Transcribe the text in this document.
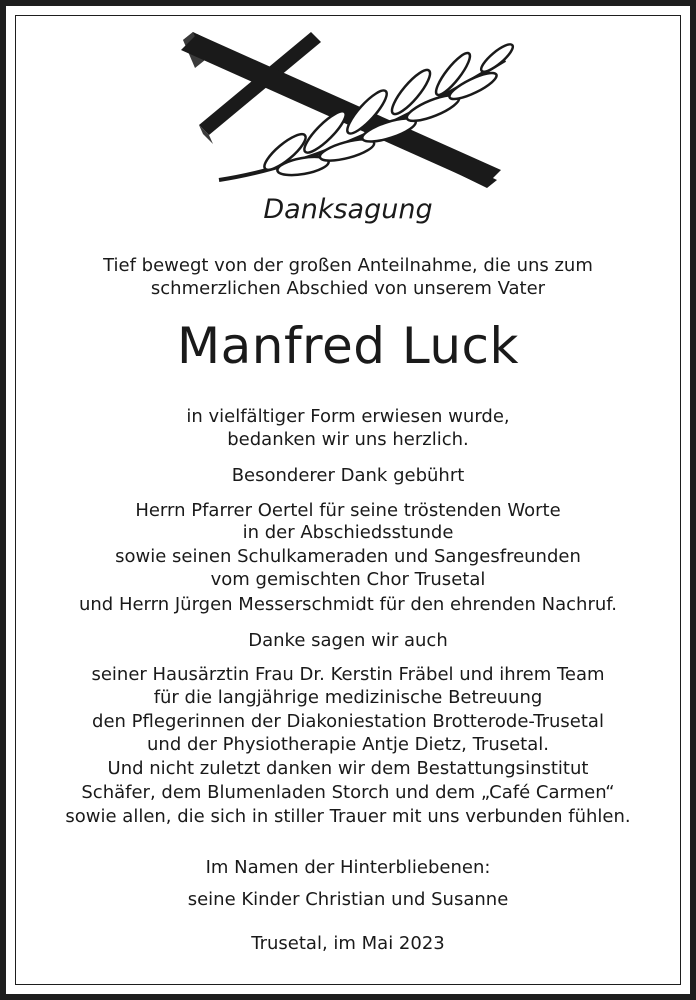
Danksagung
Tief bewegt von der großen Anteilnahme, die uns zum
schmerzlichen Abschied von unserem Vater
Manfred Luck
in vielfältiger Form erwiesen wurde,
bedanken wir uns herzlich.
Besonderer Dank gebührt
Herrn Pfarrer Oertel für seine tröstenden Worte
in der Abschiedsstunde
sowie seinen Schulkameraden und Sangesfreunden
vom gemischten Chor Trusetal
und Herrn Jürgen Messerschmidt für den ehrenden Nachruf.
Danke sagen wir auch
seiner Hausärztin Frau Dr. Kerstin Fräbel und ihrem Team
für die langjährige medizinische Betreuung
den Pflegerinnen der Diakoniestation Brotterode-Trusetal
und der Physiotherapie Antje Dietz, Trusetal.
Und nicht zuletzt danken wir dem Bestattungsinstitut
Schäfer, dem Blumenladen Storch und dem „Café Carmen“
sowie allen, die sich in stiller Trauer mit uns verbunden fühlen.
Im Namen der Hinterbliebenen:
seine Kinder Christian und Susanne
Trusetal, im Mai 2023
